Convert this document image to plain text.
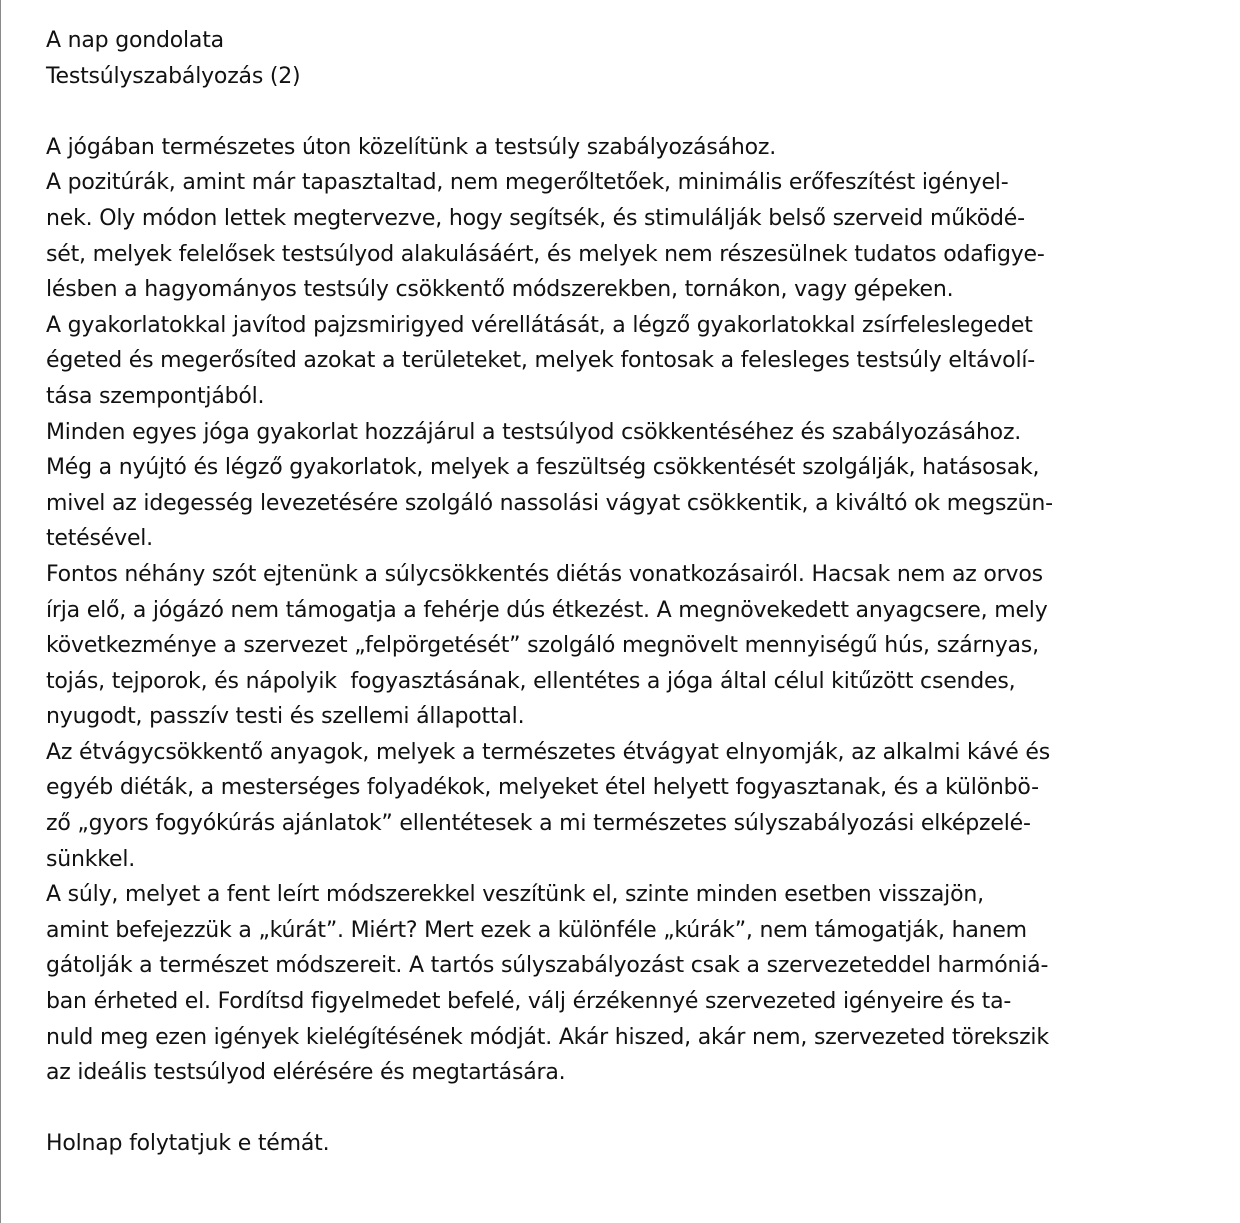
A nap gondolata
Testsúlyszabályozás (2)
A jógában természetes úton közelítünk a testsúly szabályozásához.
A pozitúrák, amint már tapasztaltad, nem megerőltetőek, minimális erőfeszítést igényel-
nek. Oly módon lettek megtervezve, hogy segítsék, és stimulálják belső szerveid működé-
sét, melyek felelősek testsúlyod alakulásáért, és melyek nem részesülnek tudatos odafigye-
lésben a hagyományos testsúly csökkentő módszerekben, tornákon, vagy gépeken.
A gyakorlatokkal javítod pajzsmirigyed vérellátását, a légző gyakorlatokkal zsírfeleslegedet
égeted és megerősíted azokat a területeket, melyek fontosak a felesleges testsúly eltávolí-
tása szempontjából.
Minden egyes jóga gyakorlat hozzájárul a testsúlyod csökkentéséhez és szabályozásához.
Még a nyújtó és légző gyakorlatok, melyek a feszültség csökkentését szolgálják, hatásosak,
mivel az idegesség levezetésére szolgáló nassolási vágyat csökkentik, a kiváltó ok megszün-
tetésével.
Fontos néhány szót ejtenünk a súlycsökkentés diétás vonatkozásairól. Hacsak nem az orvos
írja elő, a jógázó nem támogatja a fehérje dús étkezést. A megnövekedett anyagcsere, mely
következménye a szervezet „felpörgetését” szolgáló megnövelt mennyiségű hús, szárnyas,
tojás, tejporok, és nápolyik  fogyasztásának, ellentétes a jóga által célul kitűzött csendes,
nyugodt, passzív testi és szellemi állapottal.
Az étvágycsökkentő anyagok, melyek a természetes étvágyat elnyomják, az alkalmi kávé és
egyéb diéták, a mesterséges folyadékok, melyeket étel helyett fogyasztanak, és a különbö-
ző „gyors fogyókúrás ajánlatok” ellentétesek a mi természetes súlyszabályozási elképzelé-
sünkkel.
A súly, melyet a fent leírt módszerekkel veszítünk el, szinte minden esetben visszajön,
amint befejezzük a „kúrát”. Miért? Mert ezek a különféle „kúrák”, nem támogatják, hanem
gátolják a természet módszereit. A tartós súlyszabályozást csak a szervezeteddel harmóniá-
ban érheted el. Fordítsd figyelmedet befelé, válj érzékennyé szervezeted igényeire és ta-
nuld meg ezen igények kielégítésének módját. Akár hiszed, akár nem, szervezeted törekszik
az ideális testsúlyod elérésére és megtartására.
Holnap folytatjuk e témát.
